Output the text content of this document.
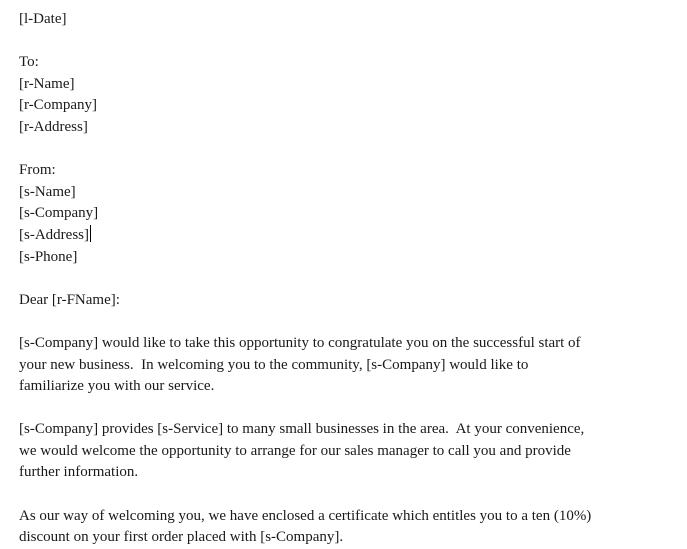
[l-Date]
To:
[r-Name]
[r-Company]
[r-Address]
From:
[s-Name]
[s-Company]
[s-Address]
[s-Phone]
Dear [r-FName]:
[s-Company] would like to take this opportunity to congratulate you on the successful start of
your new business.  In welcoming you to the community, [s-Company] would like to
familiarize you with our service.
[s-Company] provides [s-Service] to many small businesses in the area.  At your convenience,
we would welcome the opportunity to arrange for our sales manager to call you and provide
further information.
As our way of welcoming you, we have enclosed a certificate which entitles you to a ten (10%)
discount on your first order placed with [s-Company].
